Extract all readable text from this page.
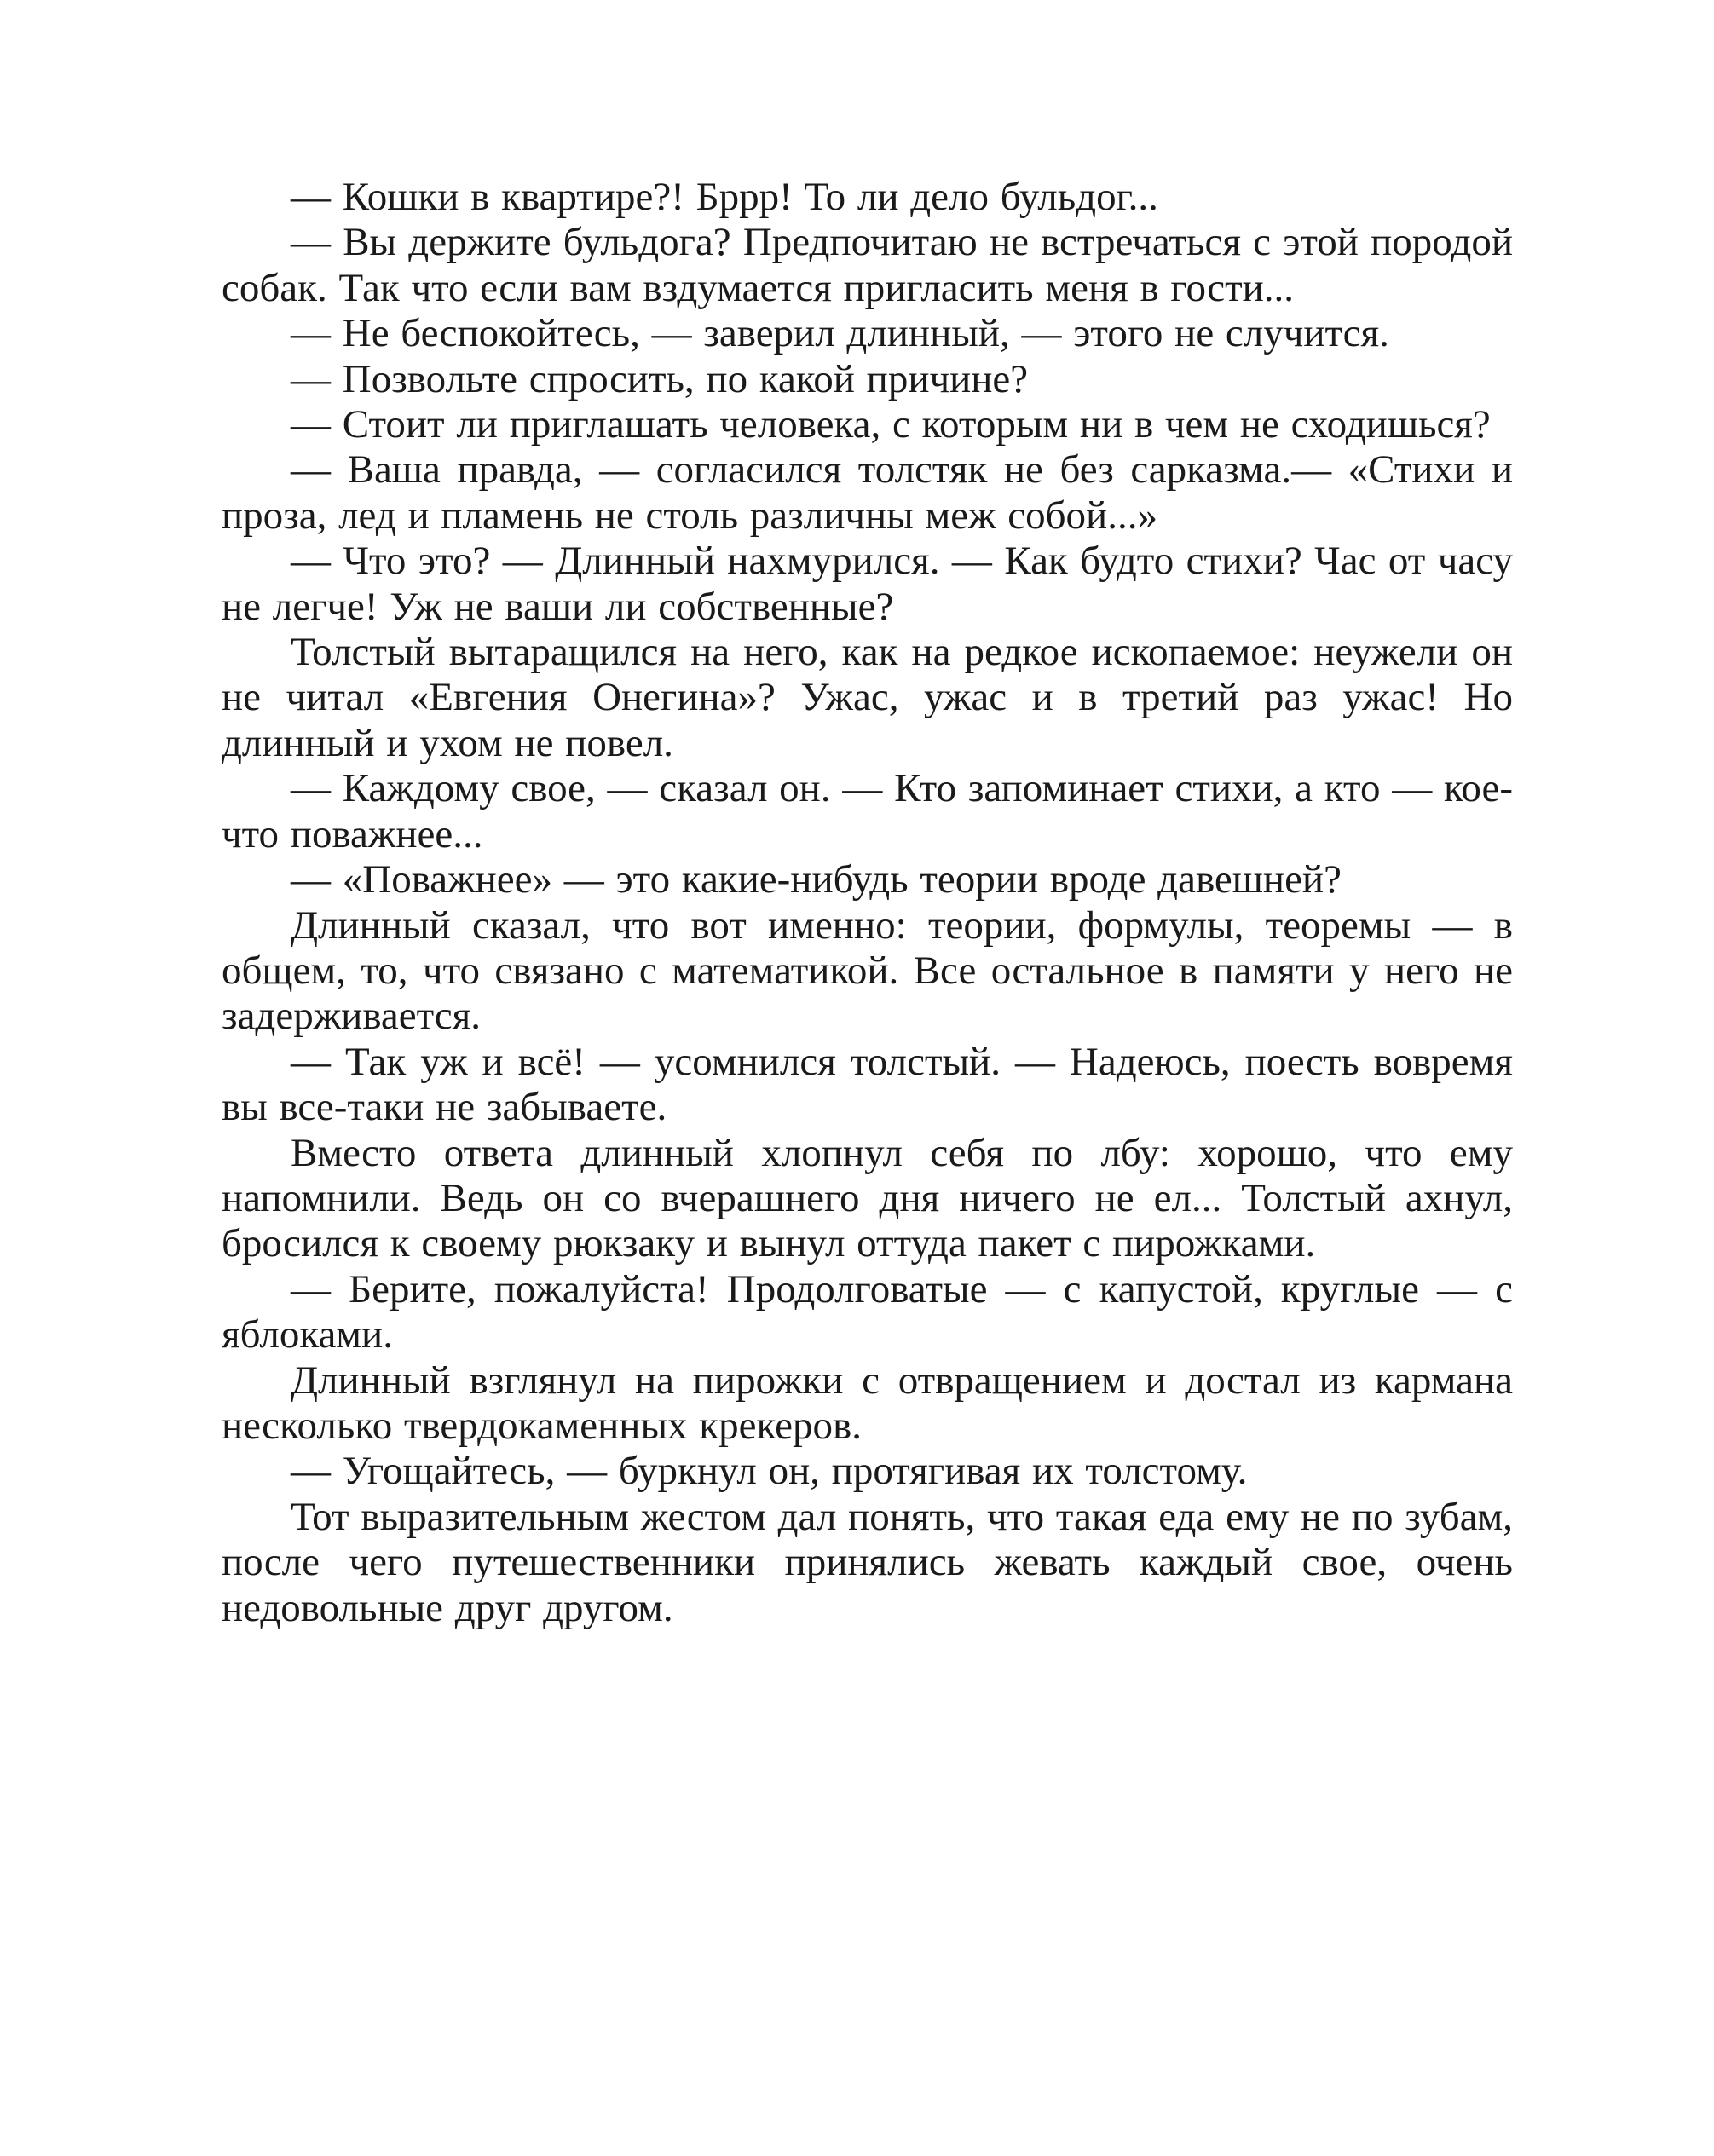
— Кошки в квартире?! Бррр! То ли дело бульдог...

— Вы держите бульдога? Предпочитаю не встречаться с этой породой собак. Так что если вам вздумается пригласить меня в гости...

— Не беспокойтесь, — заверил длинный, — этого не случится.

— Позвольте спросить, по какой причине?

— Стоит ли приглашать человека, с которым ни в чем не сходишься?

— Ваша правда, — согласился толстяк не без сарказма.— «Стихи и проза, лед и пламень не столь различны меж собой...»

— Что это? — Длинный нахмурился. — Как будто стихи? Час от часу не легче! Уж не ваши ли собственные?

Толстый вытаращился на него, как на редкое ископаемое: неужели он не читал «Евгения Онегина»? Ужас, ужас и в третий раз ужас! Но длинный и ухом не повел.

— Каждому свое, — сказал он. — Кто запоминает стихи, а кто — кое-что поважнее...

— «Поважнее» — это какие-нибудь теории вроде давешней?

Длинный сказал, что вот именно: теории, формулы, теоремы — в общем, то, что связано с математикой. Все остальное в памяти у него не задерживается.

— Так уж и всё! — усомнился толстый. — Надеюсь, поесть вовремя вы все-таки не забываете.

Вместо ответа длинный хлопнул себя по лбу: хорошо, что ему напомнили. Ведь он со вчерашнего дня ничего не ел... Толстый ахнул, бросился к своему рюкзаку и вынул оттуда пакет с пирожками.

— Берите, пожалуйста! Продолговатые — с капустой, круглые — с яблоками.

Длинный взглянул на пирожки с отвращением и достал из кармана несколько твердокаменных крекеров.

— Угощайтесь, — буркнул он, протягивая их толстому.

Тот выразительным жестом дал понять, что такая еда ему не по зубам, после чего путешественники принялись жевать каждый свое, очень недовольные друг другом.
